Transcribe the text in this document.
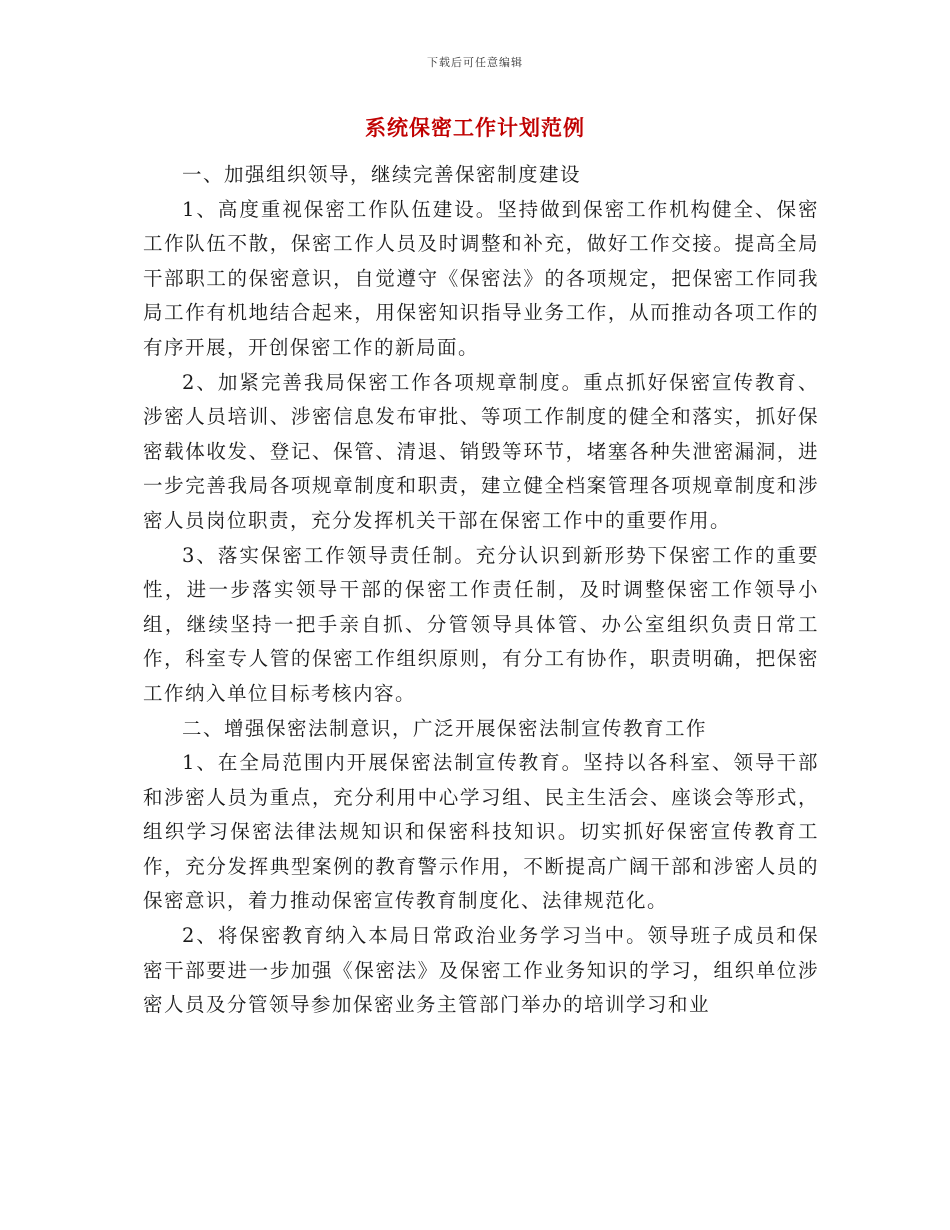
下载后可任意编辑
系统保密工作计划范例

一、加强组织领导，继续完善保密制度建设

1、高度重视保密工作队伍建设。坚持做到保密工作机构健全、保密工作队伍不散，保密工作人员及时调整和补充，做好工作交接。提高全局干部职工的保密意识，自觉遵守《保密法》的各项规定，把保密工作同我局工作有机地结合起来，用保密知识指导业务工作，从而推动各项工作的有序开展，开创保密工作的新局面。

2、加紧完善我局保密工作各项规章制度。重点抓好保密宣传教育、涉密人员培训、涉密信息发布审批、等项工作制度的健全和落实，抓好保密载体收发、登记、保管、清退、销毁等环节，堵塞各种失泄密漏洞，进一步完善我局各项规章制度和职责，建立健全档案管理各项规章制度和涉密人员岗位职责，充分发挥机关干部在保密工作中的重要作用。

3、落实保密工作领导责任制。充分认识到新形势下保密工作的重要性，进一步落实领导干部的保密工作责任制，及时调整保密工作领导小组，继续坚持一把手亲自抓、分管领导具体管、办公室组织负责日常工作，科室专人管的保密工作组织原则，有分工有协作，职责明确，把保密工作纳入单位目标考核内容。

二、增强保密法制意识，广泛开展保密法制宣传教育工作

1、在全局范围内开展保密法制宣传教育。坚持以各科室、领导干部和涉密人员为重点，充分利用中心学习组、民主生活会、座谈会等形式，组织学习保密法律法规知识和保密科技知识。切实抓好保密宣传教育工作，充分发挥典型案例的教育警示作用，不断提高广阔干部和涉密人员的保密意识，着力推动保密宣传教育制度化、法律规范化。

2、将保密教育纳入本局日常政治业务学习当中。领导班子成员和保密干部要进一步加强《保密法》及保密工作业务知识的学习，组织单位涉密人员及分管领导参加保密业务主管部门举办的培训学习和业
